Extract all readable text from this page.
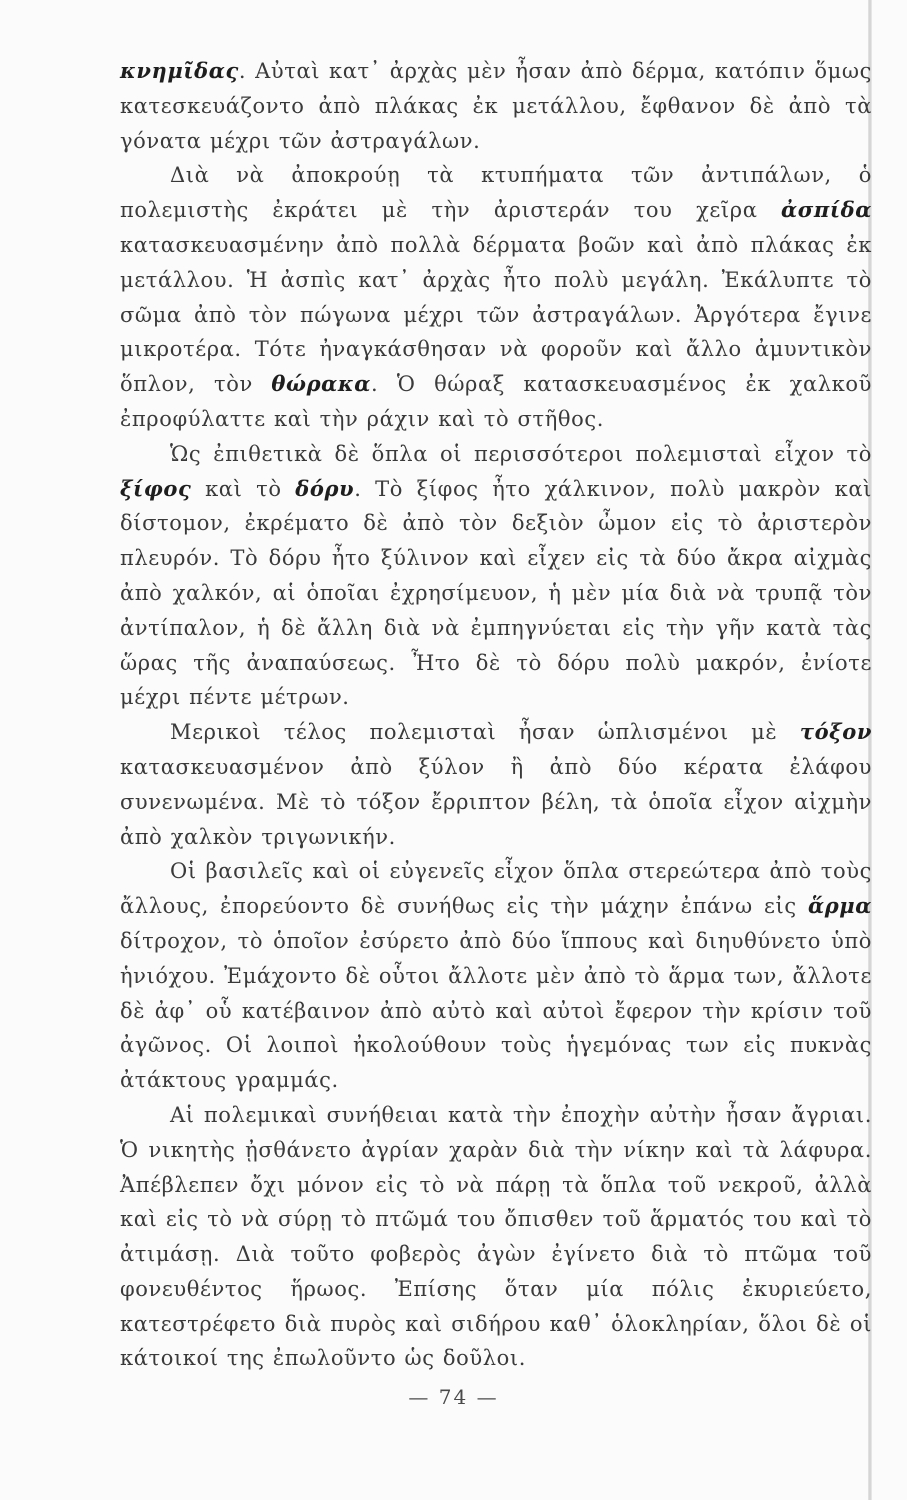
κνημῖδας. Αὐταὶ κατ᾽ ἀρχὰς μὲν ἦσαν ἀπὸ δέρμα, κατόπιν ὅμως κατεσκευάζοντο ἀπὸ πλάκας ἐκ μετάλλου, ἔφθανον δὲ ἀπὸ τὰ γόνατα μέχρι τῶν ἀστραγάλων.

Διὰ νὰ ἀποκρούῃ τὰ κτυπήματα τῶν ἀντιπάλων, ὁ πολεμιστὴς ἐκράτει μὲ τὴν ἀριστεράν του χεῖρα ἀσπίδα κατασκευασμένην ἀπὸ πολλὰ δέρματα βοῶν καὶ ἀπὸ πλάκας ἐκ μετάλλου. Ἡ ἀσπὶς κατ᾽ ἀρχὰς ἦτο πολὺ μεγάλη. Ἐκάλυπτε τὸ σῶμα ἀπὸ τὸν πώγωνα μέχρι τῶν ἀστραγάλων. Ἀργότερα ἔγινε μικροτέρα. Τότε ἠναγκάσθησαν νὰ φοροῦν καὶ ἄλλο ἀμυντικὸν ὅπλον, τὸν θώρακα. Ὁ θώραξ κατασκευασμένος ἐκ χαλκοῦ ἐπροφύλαττε καὶ τὴν ράχιν καὶ τὸ στῆθος.

Ὡς ἐπιθετικὰ δὲ ὅπλα οἱ περισσότεροι πολεμισταὶ εἶχον τὸ ξίφος καὶ τὸ δόρυ. Τὸ ξίφος ἦτο χάλκινον, πολὺ μακρὸν καὶ δίστομον, ἐκρέματο δὲ ἀπὸ τὸν δεξιὸν ὦμον εἰς τὸ ἀριστερὸν πλευρόν. Τὸ δόρυ ἦτο ξύλινον καὶ εἶχεν εἰς τὰ δύο ἄκρα αἰχμὰς ἀπὸ χαλκόν, αἱ ὁποῖαι ἐχρησίμευον, ἡ μὲν μία διὰ νὰ τρυπᾷ τὸν ἀντίπαλον, ἡ δὲ ἄλλη διὰ νὰ ἐμπηγνύεται εἰς τὴν γῆν κατὰ τὰς ὥρας τῆς ἀναπαύσεως. Ἦτο δὲ τὸ δόρυ πολὺ μακρόν, ἐνίοτε μέχρι πέντε μέτρων.

Μερικοὶ τέλος πολεμισταὶ ἦσαν ὡπλισμένοι μὲ τόξον κατασκευασμένον ἀπὸ ξύλον ἢ ἀπὸ δύο κέρατα ἐλάφου συνενωμένα. Μὲ τὸ τόξον ἔρριπτον βέλη, τὰ ὁποῖα εἶχον αἰχμὴν ἀπὸ χαλκὸν τριγωνικήν.

Οἱ βασιλεῖς καὶ οἱ εὐγενεῖς εἶχον ὅπλα στερεώτερα ἀπὸ τοὺς ἄλλους, ἐπορεύοντο δὲ συνήθως εἰς τὴν μάχην ἐπάνω εἰς ἅρμα δίτροχον, τὸ ὁποῖον ἐσύρετο ἀπὸ δύο ἵππους καὶ διηυθύνετο ὑπὸ ἡνιόχου. Ἐμάχοντο δὲ οὗτοι ἄλλοτε μὲν ἀπὸ τὸ ἅρμα των, ἄλλοτε δὲ ἀφ᾽ οὗ κατέβαινον ἀπὸ αὐτὸ καὶ αὐτοὶ ἔφερον τὴν κρίσιν τοῦ ἀγῶνος. Οἱ λοιποὶ ἠκολούθουν τοὺς ἡγεμόνας των εἰς πυκνὰς ἀτάκτους γραμμάς.

Αἱ πολεμικαὶ συνήθειαι κατὰ τὴν ἐποχὴν αὐτὴν ἦσαν ἄγριαι. Ὁ νικητὴς ᾐσθάνετο ἀγρίαν χαρὰν διὰ τὴν νίκην καὶ τὰ λάφυρα. Ἀπέβλεπεν ὄχι μόνον εἰς τὸ νὰ πάρῃ τὰ ὅπλα τοῦ νεκροῦ, ἀλλὰ καὶ εἰς τὸ νὰ σύρῃ τὸ πτῶμά του ὄπισθεν τοῦ ἅρματός του καὶ τὸ ἀτιμάσῃ. Διὰ τοῦτο φοβερὸς ἀγὼν ἐγίνετο διὰ τὸ πτῶμα τοῦ φονευθέντος ἥρωος. Ἐπίσης ὅταν μία πόλις ἐκυριεύετο, κατεστρέφετο διὰ πυρὸς καὶ σιδήρου καθ᾽ ὁλοκληρίαν, ὅλοι δὲ οἱ κάτοικοί της ἐπωλοῦντο ὡς δοῦλοι.

— 74 —
